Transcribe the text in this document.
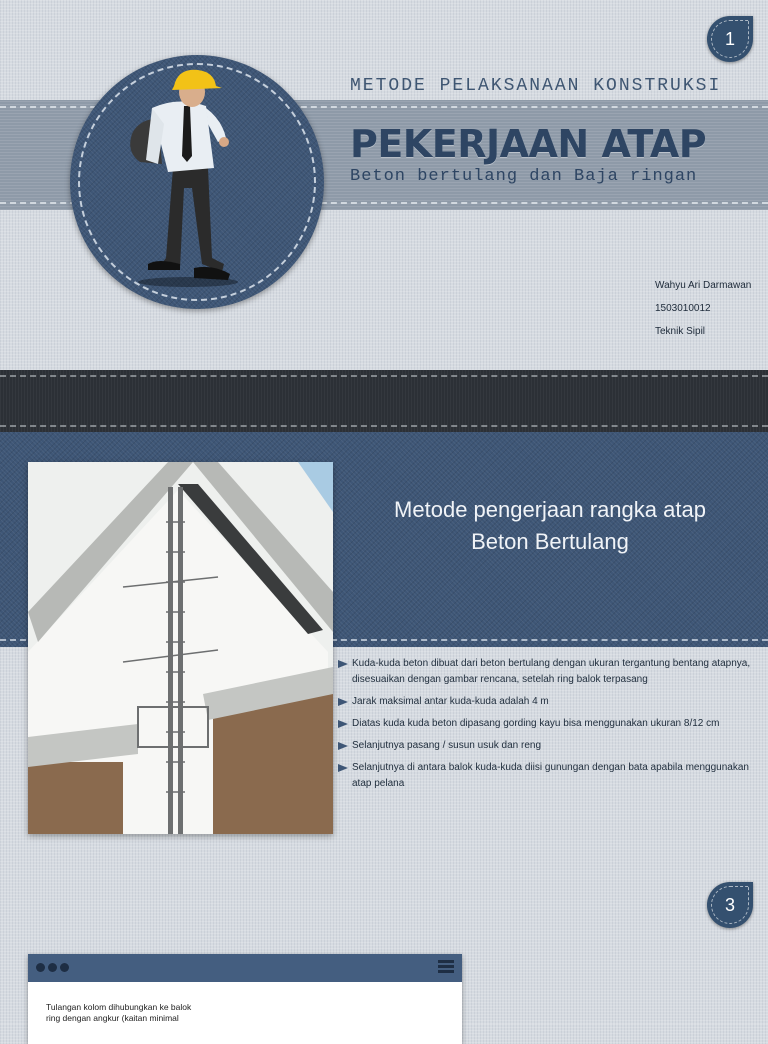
METODE PELAKSANAAN KONSTRUKSI
PEKERJAAN ATAP
Beton bertulang dan Baja ringan
1
Wahyu Ari Darmawan
1503010012
Teknik Sipil
Metode pengerjaan rangka atap
Beton Bertulang
Kuda-kuda beton dibuat dari beton bertulang dengan ukuran tergantung bentang atapnya, disesuaikan dengan gambar rencana, setelah ring balok terpasang
Jarak maksimal antar kuda-kuda adalah 4 m
Diatas kuda kuda beton dipasang gording kayu bisa menggunakan ukuran 8/12 cm
Selanjutnya pasang / susun usuk dan reng
Selanjutnya di antara balok kuda-kuda diisi gunungan dengan bata apabila menggunakan atap pelana
3
Tulangan kolom dihubungkan ke balok
ring dengan angkur (kaitan minimal
